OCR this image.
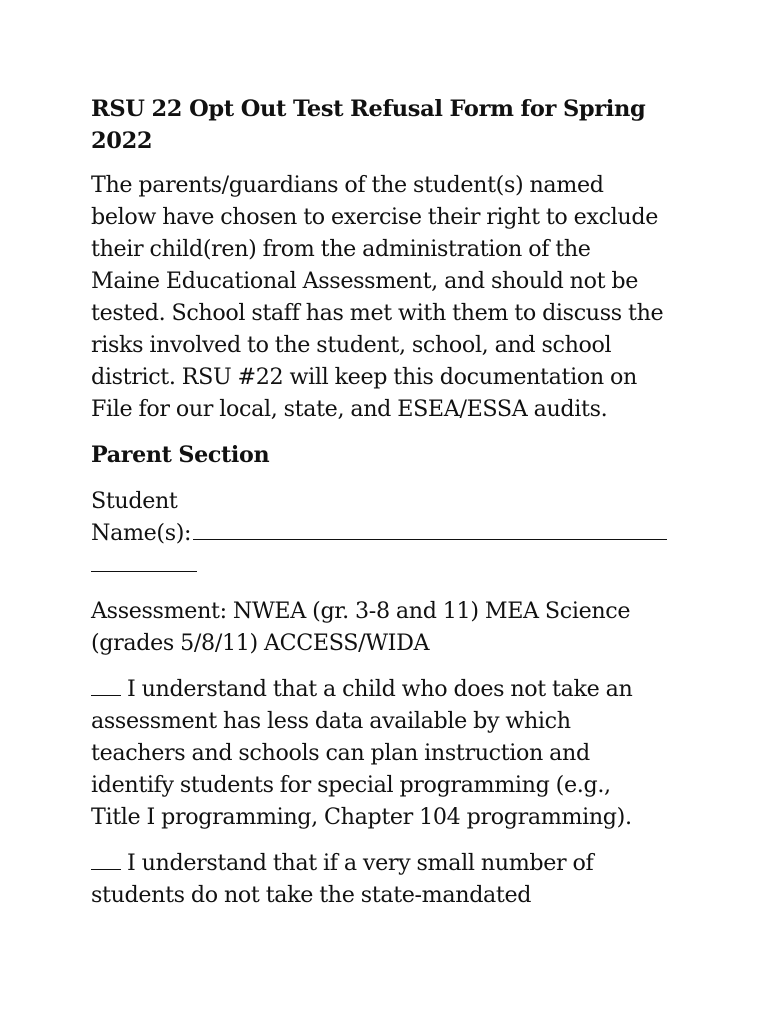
RSU 22 Opt Out Test Refusal Form for Spring
2022
The parents/guardians of the student(s) named
below have chosen to exercise their right to exclude
their child(ren) from the administration of the
Maine Educational Assessment, and should not be
tested. School staff has met with them to discuss the
risks involved to the student, school, and school
district. RSU #22 will keep this documentation on
File for our local, state, and ESEA/ESSA audits.
Parent Section
Student
Name(s):
Assessment: NWEA (gr. 3-8 and 11) MEA Science
(grades 5/8/11) ACCESS/WIDA
I understand that a child who does not take an
assessment has less data available by which
teachers and schools can plan instruction and
identify students for special programming (e.g.,
Title I programming, Chapter 104 programming).
I understand that if a very small number of
students do not take the state-mandated
